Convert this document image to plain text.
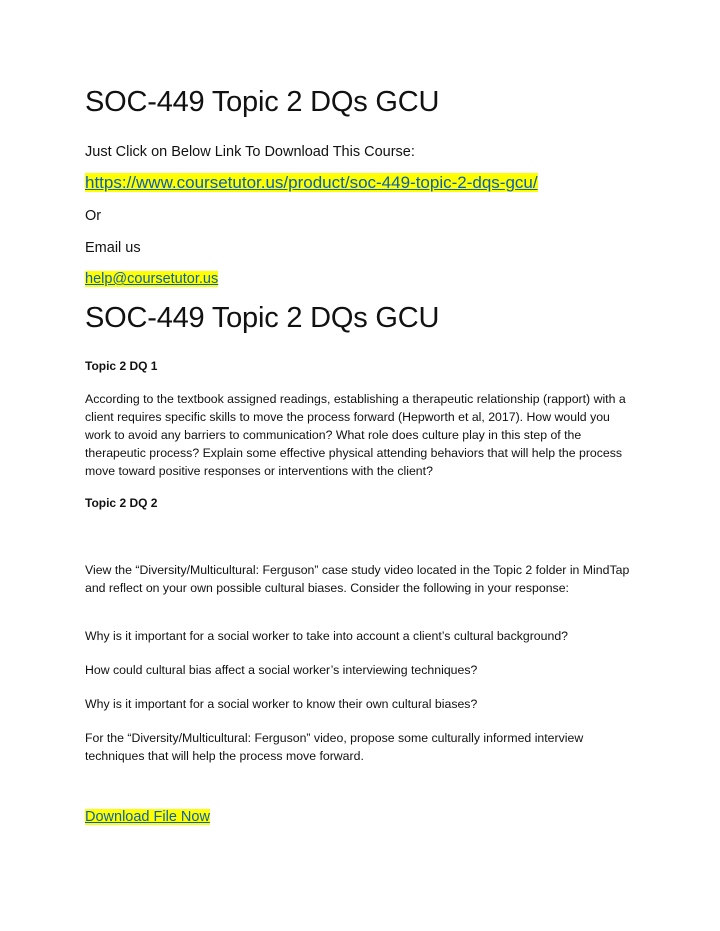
SOC-449 Topic 2 DQs GCU
Just Click on Below Link To Download This Course:
https://www.coursetutor.us/product/soc-449-topic-2-dqs-gcu/
Or
Email us
help@coursetutor.us
SOC-449 Topic 2 DQs GCU
Topic 2 DQ 1
According to the textbook assigned readings, establishing a therapeutic relationship (rapport) with a client requires specific skills to move the process forward (Hepworth et al, 2017). How would you work to avoid any barriers to communication? What role does culture play in this step of the therapeutic process? Explain some effective physical attending behaviors that will help the process move toward positive responses or interventions with the client?
Topic 2 DQ 2
View the “Diversity/Multicultural: Ferguson” case study video located in the Topic 2 folder in MindTap and reflect on your own possible cultural biases. Consider the following in your response:
Why is it important for a social worker to take into account a client’s cultural background?
How could cultural bias affect a social worker’s interviewing techniques?
Why is it important for a social worker to know their own cultural biases?
For the “Diversity/Multicultural: Ferguson” video, propose some culturally informed interview techniques that will help the process move forward.
Download File Now
